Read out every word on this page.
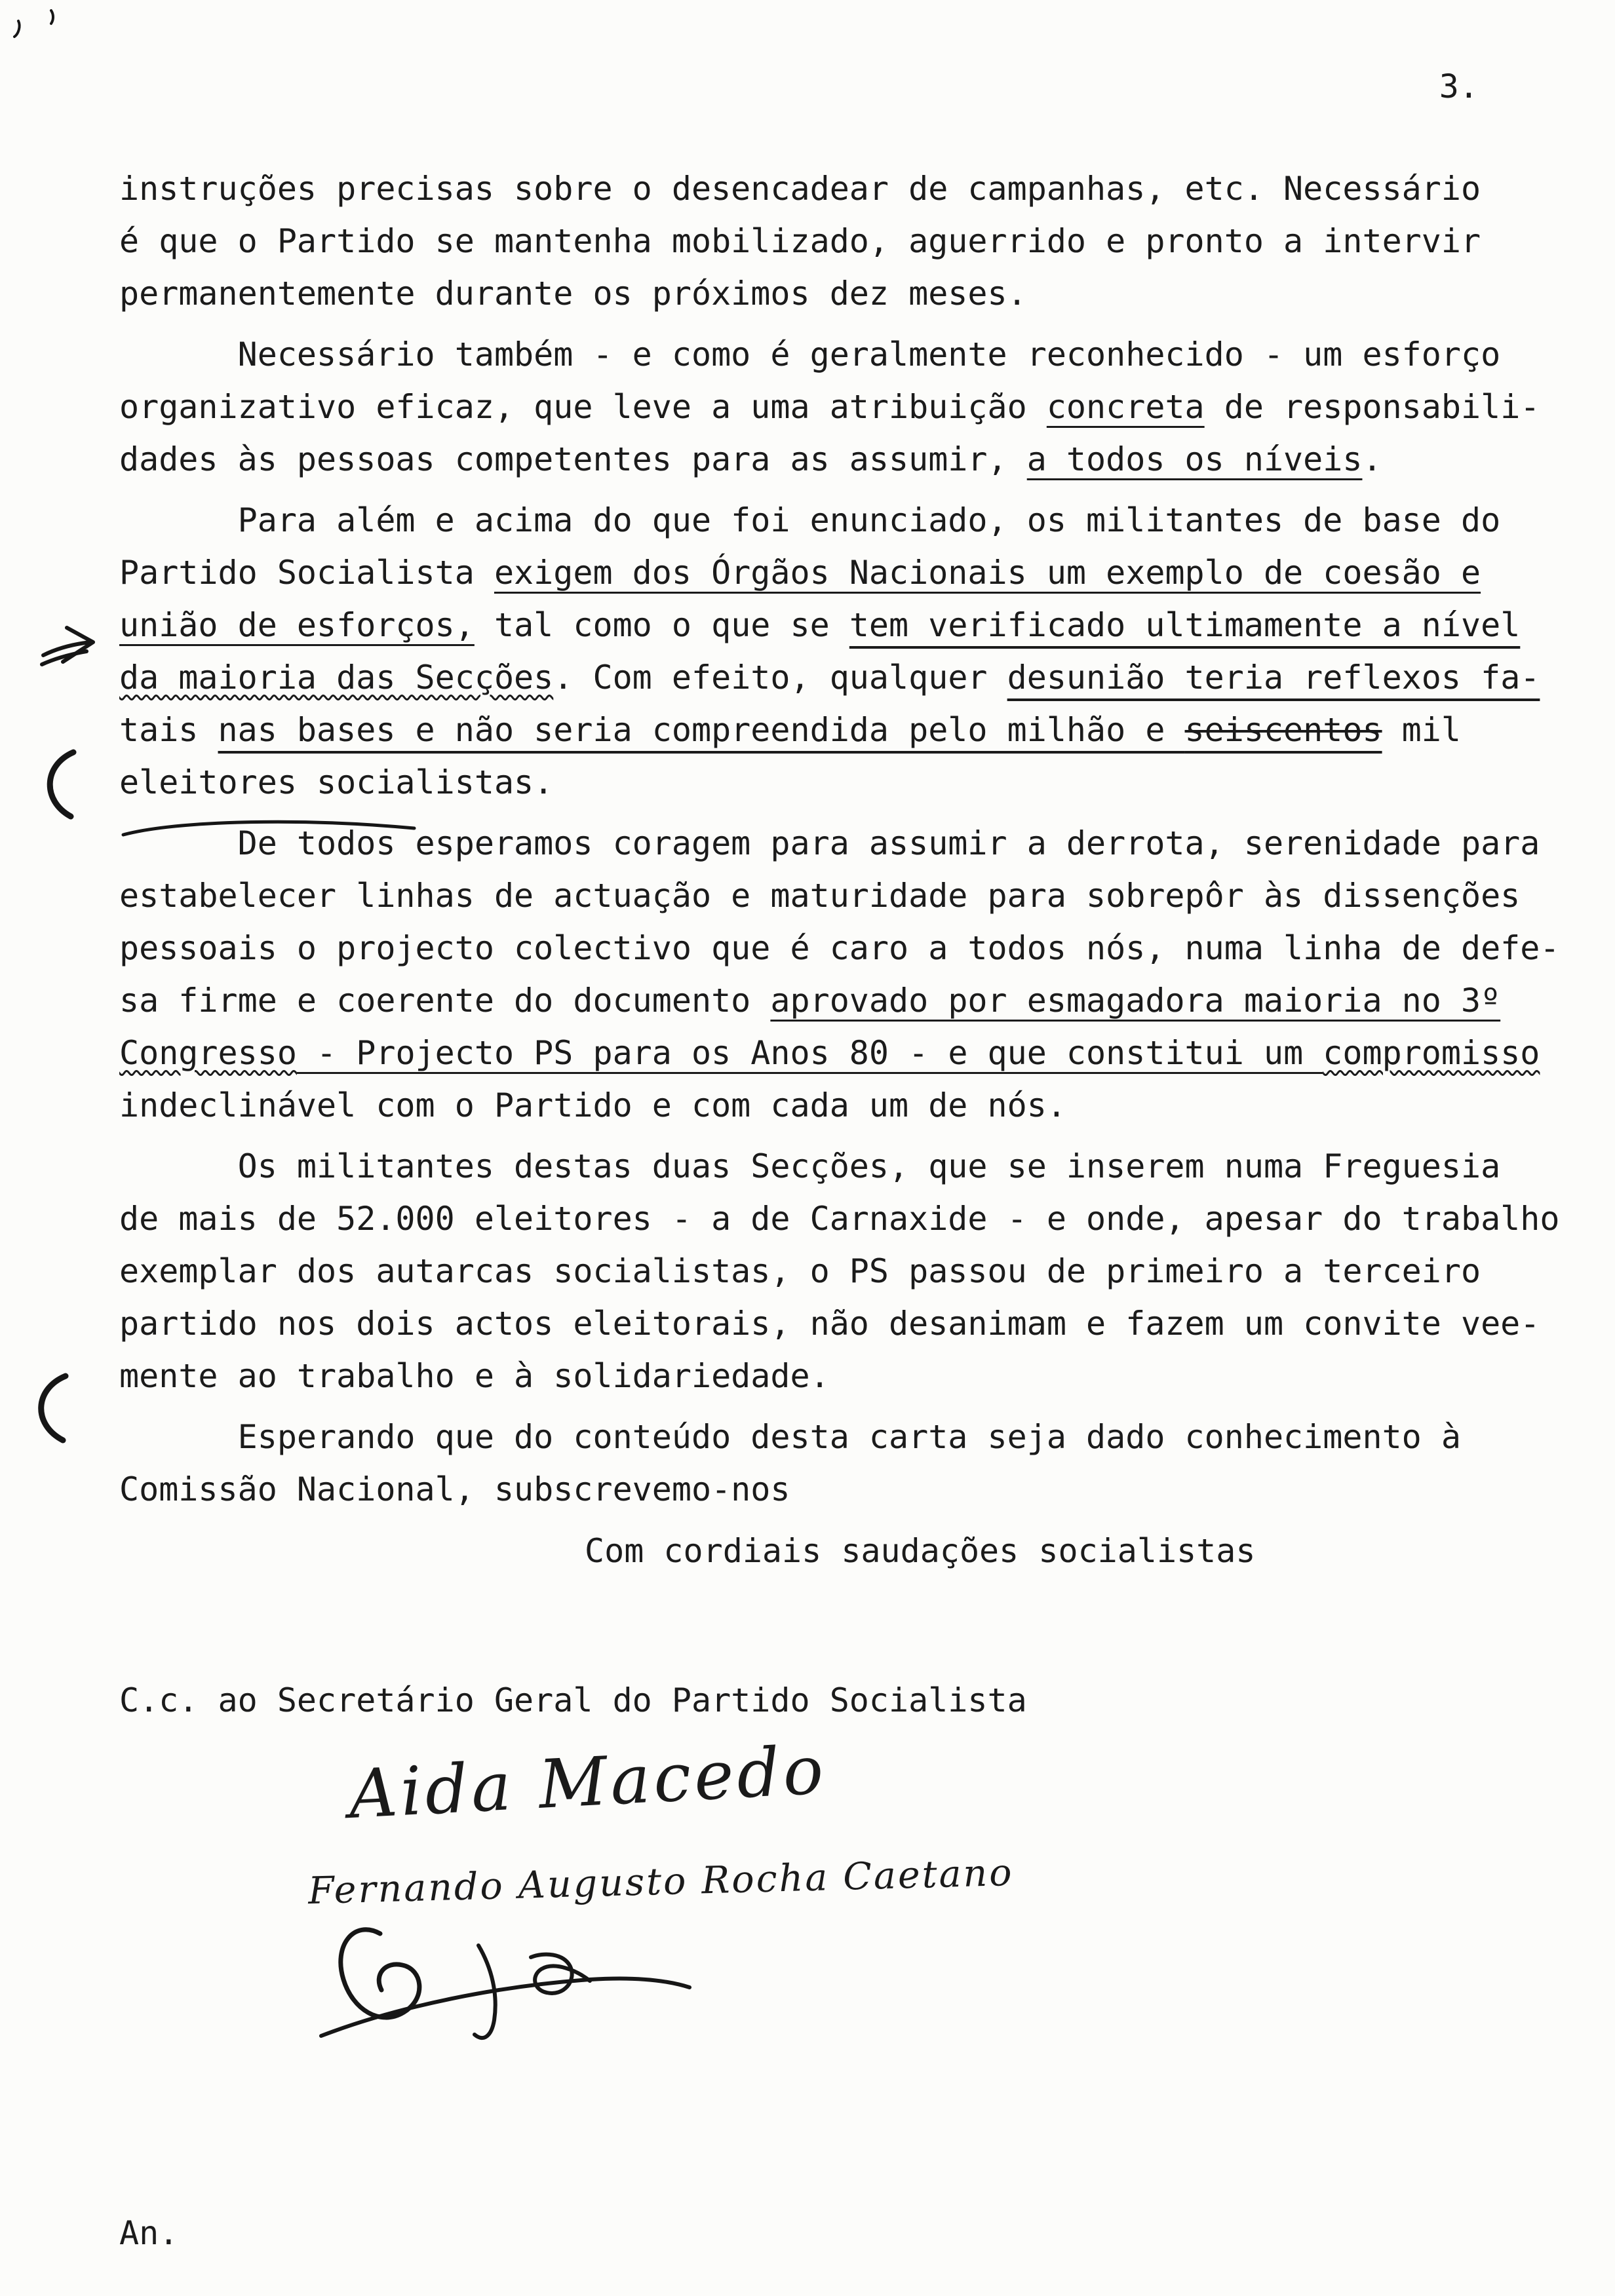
3.
instruções precisas sobre o desencadear de campanhas, etc. Necessário
é que o Partido se mantenha mobilizado, aguerrido e pronto a intervir
permanentemente durante os próximos dez meses.
Necessário também - e como é geralmente reconhecido - um esforço
organizativo eficaz, que leve a uma atribuição concreta de responsabili-
dades às pessoas competentes para as assumir, a todos os níveis.
Para além e acima do que foi enunciado, os militantes de base do
Partido Socialista exigem dos Órgãos Nacionais um exemplo de coesão e
união de esforços, tal como o que se tem verificado ultimamente a nível
da maioria das Secções. Com efeito, qualquer desunião teria reflexos fa-
tais nas bases e não seria compreendida pelo milhão e seiscentos mil
eleitores socialistas.
De todos esperamos coragem para assumir a derrota, serenidade para
estabelecer linhas de actuação e maturidade para sobrepôr às dissenções
pessoais o projecto colectivo que é caro a todos nós, numa linha de defe-
sa firme e coerente do documento aprovado por esmagadora maioria no 3º
Congresso - Projecto PS para os Anos 80 - e que constitui um compromisso
indeclinável com o Partido e com cada um de nós.
Os militantes destas duas Secções, que se inserem numa Freguesia
de mais de 52.000 eleitores - a de Carnaxide - e onde, apesar do trabalho
exemplar dos autarcas socialistas, o PS passou de primeiro a terceiro
partido nos dois actos eleitorais, não desanimam e fazem um convite vee-
mente ao trabalho e à solidariedade.
Esperando que do conteúdo desta carta seja dado conhecimento à
Comissão Nacional, subscrevemo-nos
Com cordiais saudações socialistas
C.c. ao Secretário Geral do Partido Socialista
Aida Macedo
Fernando Augusto Rocha Caetano
An.
